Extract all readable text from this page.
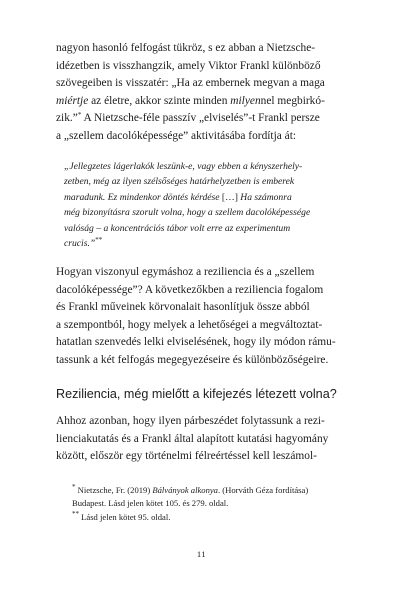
nagyon hasonló felfogást tükröz, s ez abban a Nietzsche-
idézetben is visszhangzik, amely Viktor Frankl különböző
szövegeiben is visszatér: „Ha az embernek megvan a maga
miértje az életre, akkor szinte minden milyennel megbirkó-
zik.”* A Nietzsche-féle passzív „elviselés”-t Frankl persze
a „szellem dacolóképessége” aktivitásába fordítja át:

„Jellegzetes lágerlakók leszünk-e, vagy ebben a kényszerhely-
zetben, még az ilyen szélsőséges határhelyzetben is emberek
maradunk. Ez mindenkor döntés kérdése […] Ha számonra
még bizonyításra szorult volna, hogy a szellem dacolóképessége
valóság – a koncentrációs tábor volt erre az experimentum
crucis.”**

Hogyan viszonyul egymáshoz a reziliencia és a „szellem
dacolóképessége”? A következőkben a reziliencia fogalom
és Frankl műveinek körvonalait hasonlítjuk össze abból
a szempontból, hogy melyek a lehetőségei a megváltoztat-
hatatlan szenvedés lelki elviselésének, hogy ily módon rámu-
tassunk a két felfogás megegyezéseire és különbözőségeire.

Reziliencia, még mielőtt a kifejezés létezett volna?

Ahhoz azonban, hogy ilyen párbeszédet folytassunk a rezi-
lienciakutatás és a Frankl által alapított kutatási hagyomány
között, először egy történelmi félreértéssel kell leszámol-

* Nietzsche, Fr. (2019) Bálványok alkonya. (Horváth Géza fordítása)
Budapest. Lásd jelen kötet 105. és 279. oldal.

** Lásd jelen kötet 95. oldal.

11
